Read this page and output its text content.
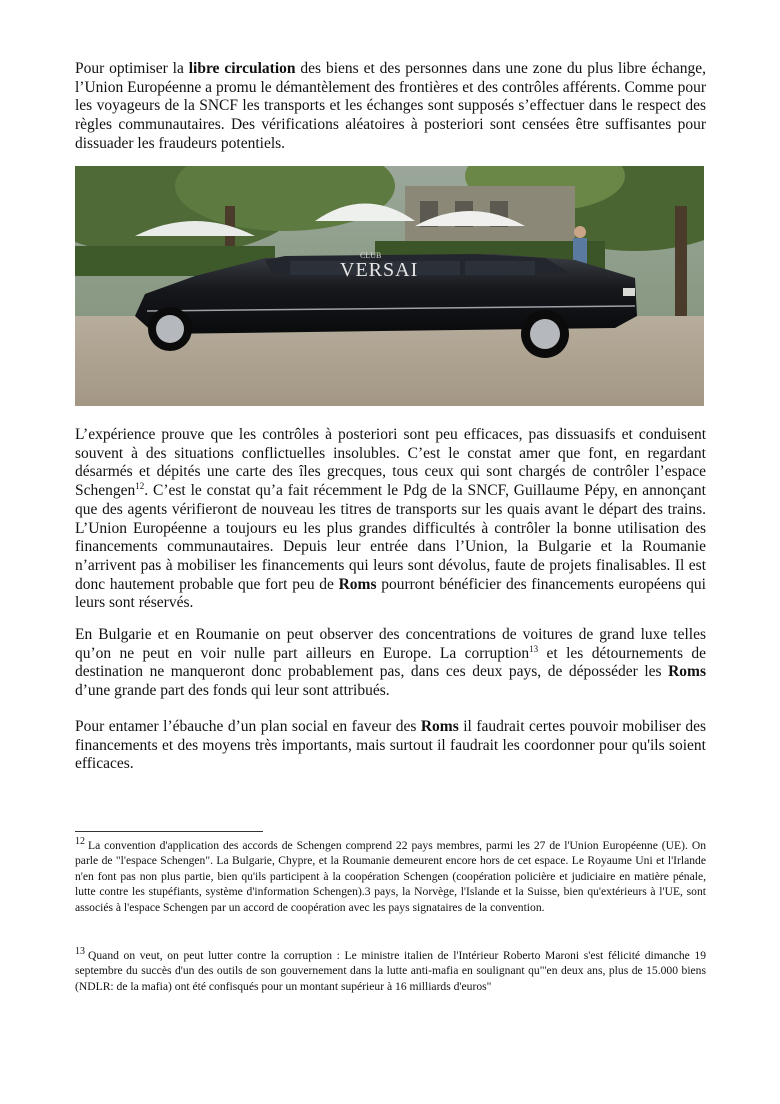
Pour optimiser la libre circulation des biens et des personnes dans une zone du plus libre échange, l’Union Européenne a promu le démantèlement des frontières et des contrôles afférents. Comme pour les voyageurs de la SNCF les transports et les échanges sont supposés s’effectuer dans le respect des règles communautaires. Des vérifications aléatoires à posteriori sont censées être suffisantes pour dissuader les fraudeurs potentiels.

CLUB
VERSAI

L’expérience prouve que les contrôles à posteriori sont peu efficaces, pas dissuasifs et conduisent souvent à des situations conflictuelles insolubles. C’est le constat amer que font, en regardant désarmés et dépités une carte des îles grecques, tous ceux qui sont chargés de contrôler l’espace Schengen$^{12}$. C’est le constat qu’a fait récemment le Pdg de la SNCF, Guillaume Pépy, en annonçant que des agents vérifieront de nouveau les titres de transports sur les quais avant le départ des trains. L’Union Européenne a toujours eu les plus grandes difficultés à contrôler la bonne utilisation des financements communautaires. Depuis leur entrée dans l’Union, la Bulgarie et la Roumanie n’arrivent pas à mobiliser les financements qui leurs sont dévolus, faute de projets finalisables. Il est donc hautement probable que fort peu de Roms pourront bénéficier des financements européens qui leurs sont réservés.

En Bulgarie et en Roumanie on peut observer des concentrations de voitures de grand luxe telles qu’on ne peut en voir nulle part ailleurs en Europe. La corruption$^{13}$ et les détournements de destination ne manqueront donc probablement pas, dans ces deux pays, de déposséder les Roms d’une grande part des fonds qui leur sont attribués.

Pour entamer l’ébauche d’un plan social en faveur des Roms il faudrait certes pouvoir mobiliser des financements et des moyens très importants, mais surtout il faudrait les coordonner pour qu'ils soient efficaces.

12 La convention d'application des accords de Schengen comprend 22 pays membres, parmi les 27 de l'Union Européenne (UE). On parle de "l'espace Schengen". La Bulgarie, Chypre, et la Roumanie demeurent encore hors de cet espace. Le Royaume Uni et l'Irlande n'en font pas non plus partie, bien qu'ils participent à la coopération Schengen (coopération policière et judiciaire en matière pénale, lutte contre les stupéfiants, système d'information Schengen).3 pays, la Norvège, l'Islande et la Suisse, bien qu'extérieurs à l'UE, sont associés à l'espace Schengen par un accord de coopération avec les pays signataires de la convention.

13 Quand on veut, on peut lutter contre la corruption : Le ministre italien de l'Intérieur Roberto Maroni s'est félicité dimanche 19 septembre du succès d'un des outils de son gouvernement dans la lutte anti-mafia en soulignant qu"'en deux ans, plus de 15.000 biens (NDLR: de la mafia) ont été confisqués pour un montant supérieur à 16 milliards d'euros"
